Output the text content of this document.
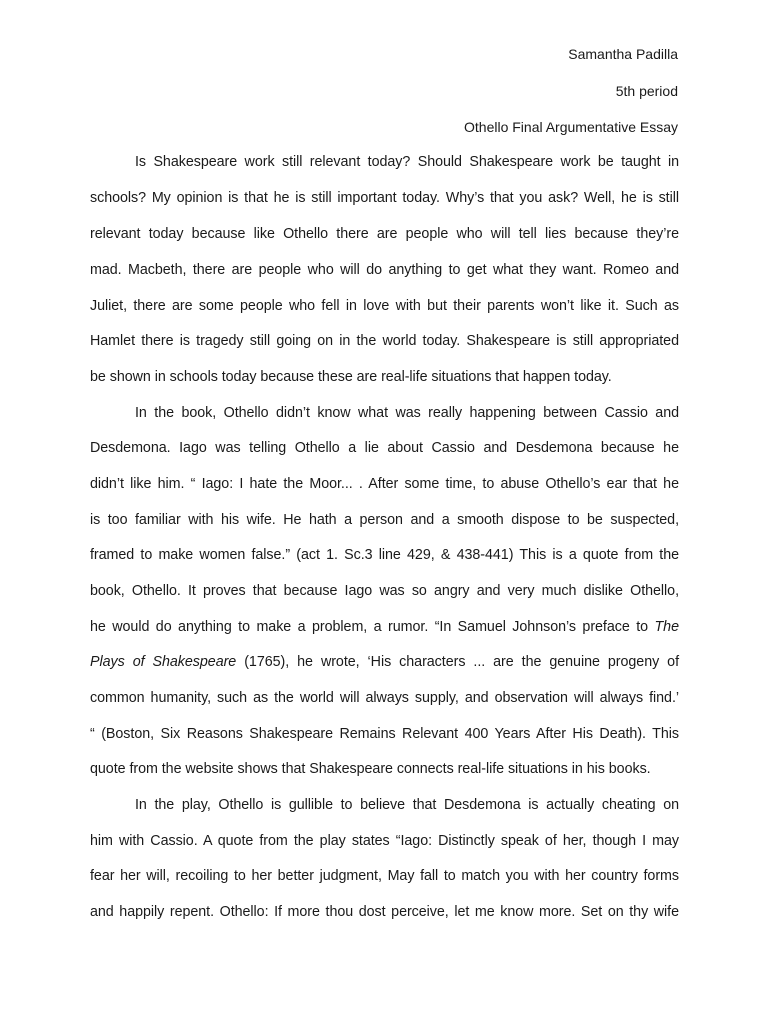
Samantha Padilla
5th period
Othello Final Argumentative Essay
Is Shakespeare work still relevant today? Should Shakespeare work be taught in
schools? My opinion is that he is still important today. Why’s that you ask? Well, he is still
relevant today because like Othello there are people who will tell lies because they’re
mad. Macbeth, there are people who will do anything to get what they want. Romeo and
Juliet, there are some people who fell in love with but their parents won’t like it. Such as
Hamlet there is tragedy still going on in the world today. Shakespeare is still appropriated
be shown in schools today because these are real-life situations that happen today.
In the book, Othello didn’t know what was really happening between Cassio and
Desdemona. Iago was telling Othello a lie about Cassio and Desdemona because he
didn’t like him. “ Iago: I hate the Moor... . After some time, to abuse Othello’s ear that he
is too familiar with his wife. He hath a person and a smooth dispose to be suspected,
framed to make women false.” (act 1. Sc.3 line 429, & 438-441) This is a quote from the
book, Othello. It proves that because Iago was so angry and very much dislike Othello,
he would do anything to make a problem, a rumor. “In Samuel Johnson’s preface to The
Plays of Shakespeare (1765), he wrote, ‘His characters ... are the genuine progeny of
common humanity, such as the world will always supply, and observation will always find.’
“ (Boston, Six Reasons Shakespeare Remains Relevant 400 Years After His Death). This
quote from the website shows that Shakespeare connects real-life situations in his books.
In the play, Othello is gullible to believe that Desdemona is actually cheating on
him with Cassio. A quote from the play states “Iago: Distinctly speak of her, though I may
fear her will, recoiling to her better judgment, May fall to match you with her country forms
and happily repent. Othello: If more thou dost perceive, let me know more. Set on thy wife
